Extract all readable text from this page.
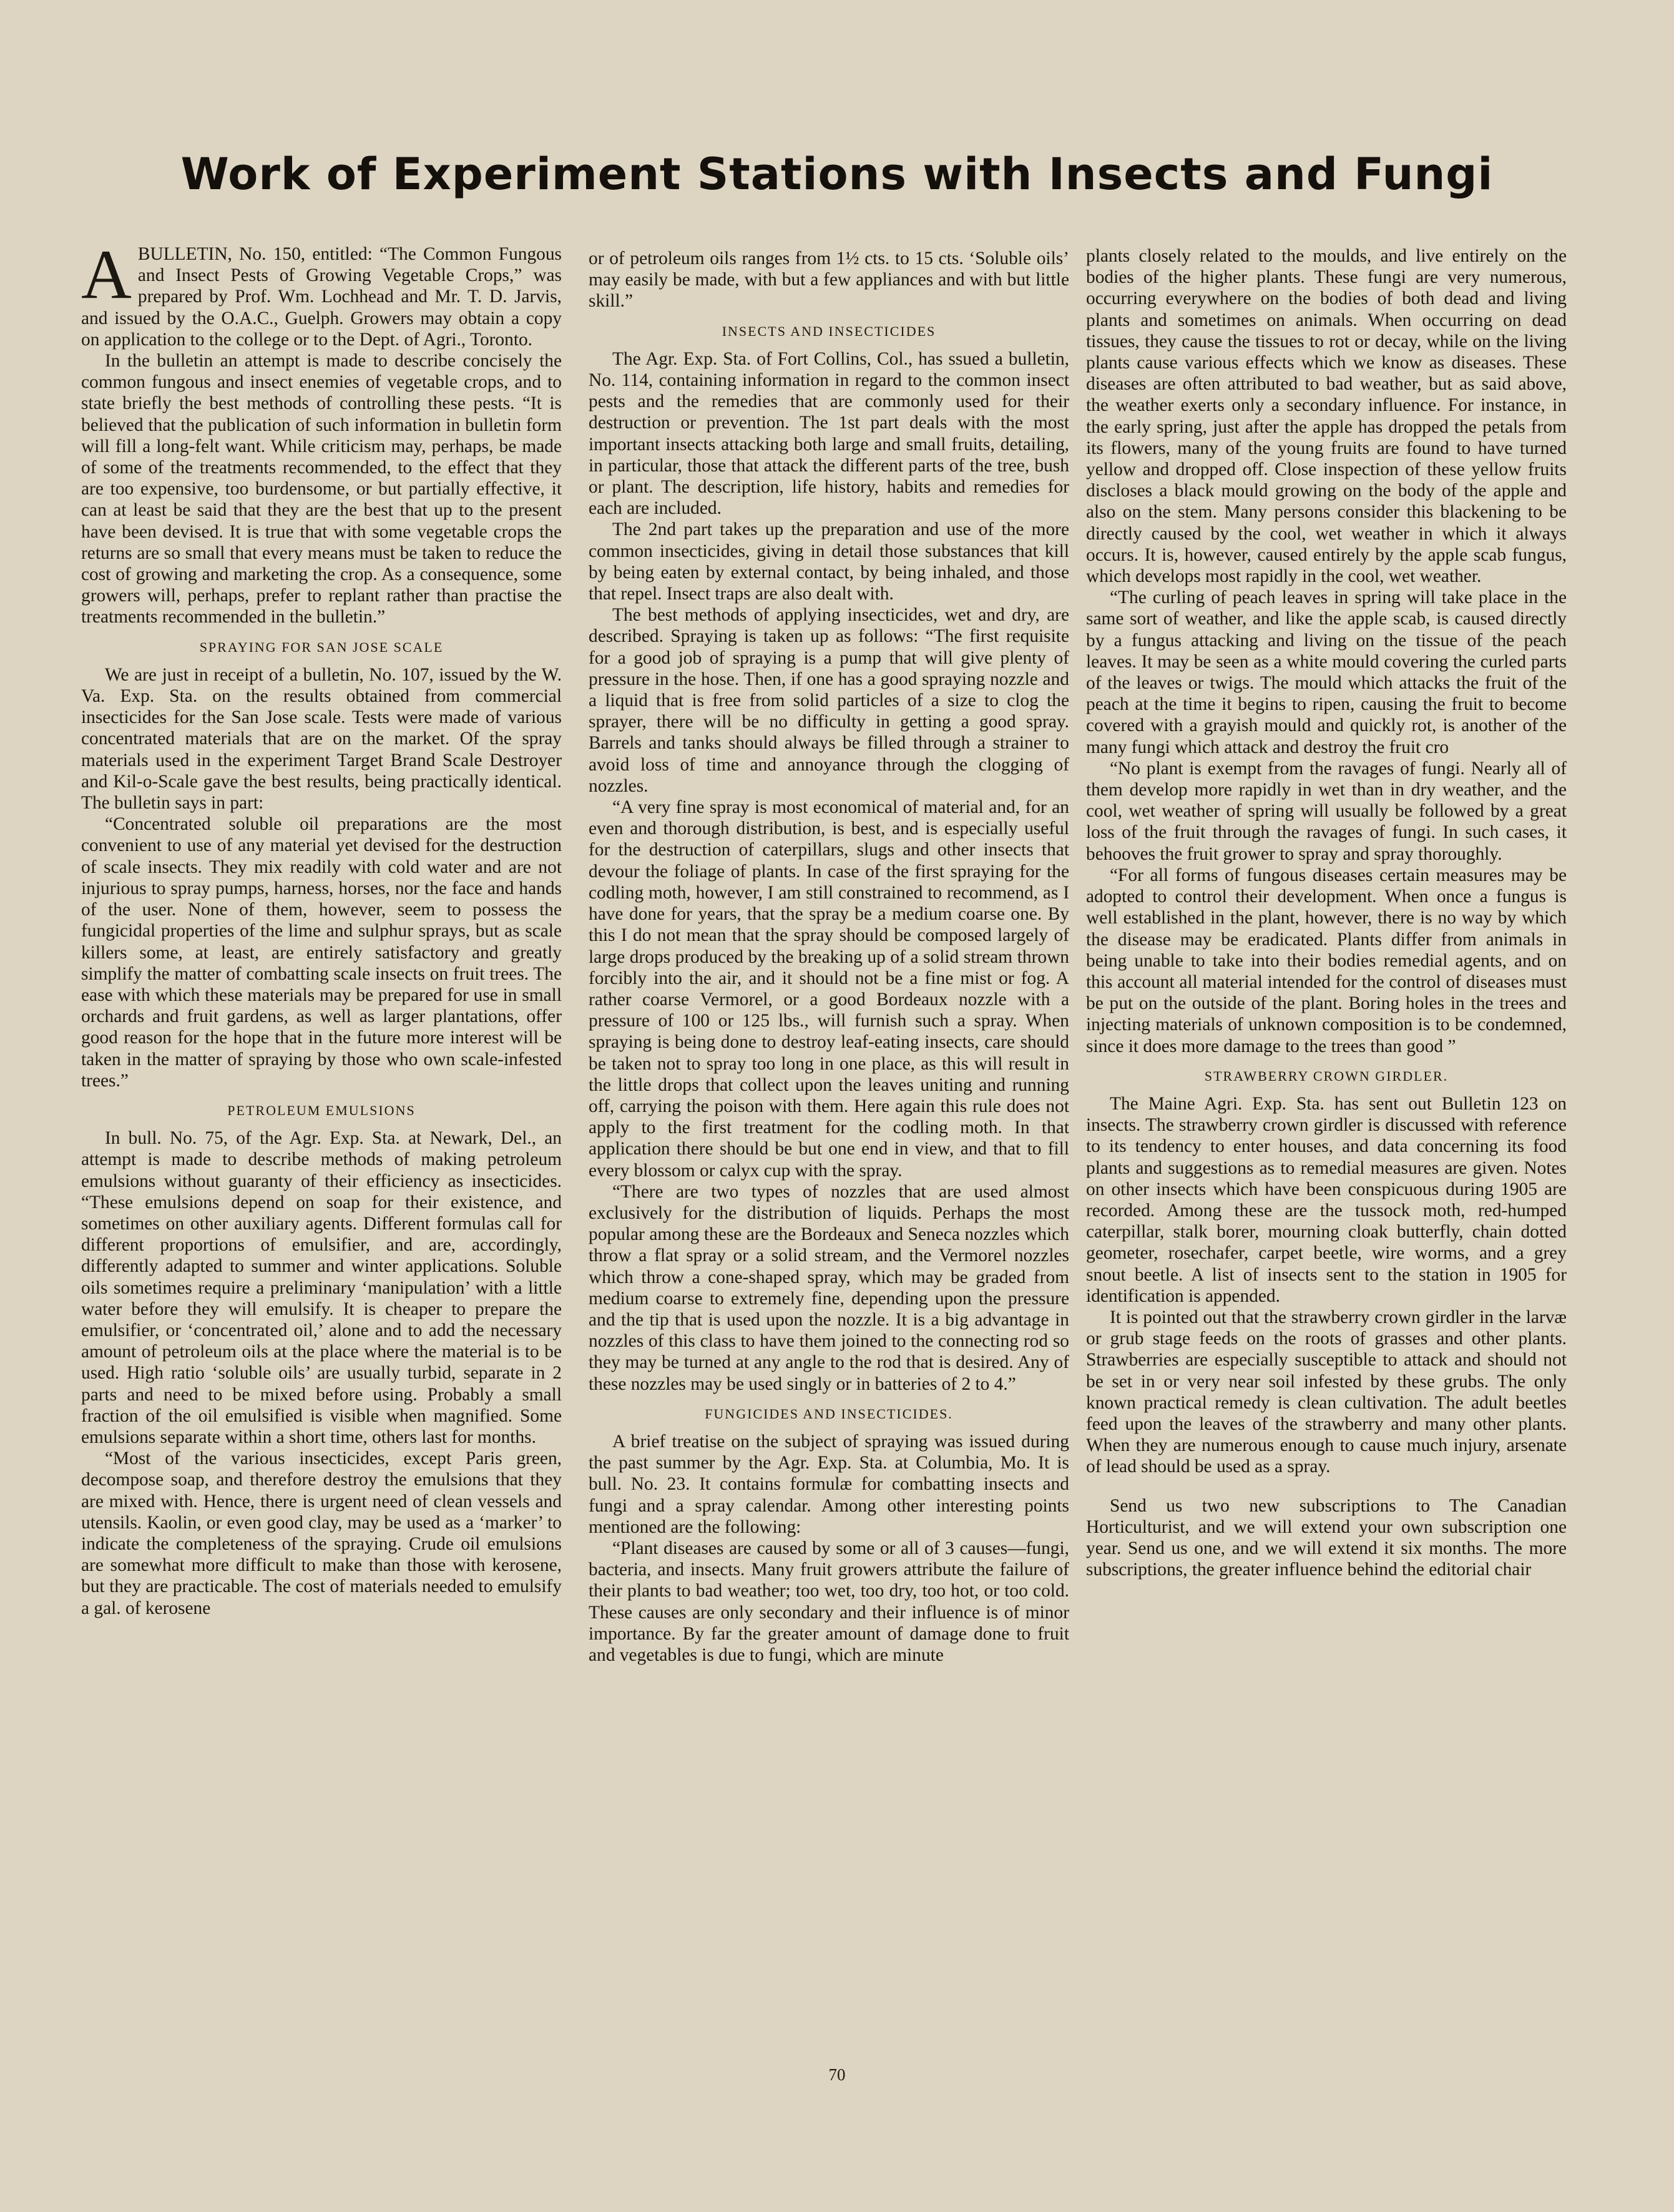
Work of Experiment Stations with Insects and Fungi

ABULLETIN, No. 150, entitled: “The Common Fungous and Insect Pests of Growing Vegetable Crops,” was prepared by Prof. Wm. Lochhead and Mr. T. D. Jarvis, and issued by the O.A.C., Guelph. Growers may obtain a copy on application to the college or to the Dept. of Agri., Toronto.

In the bulletin an attempt is made to describe concisely the common fungous and insect enemies of vegetable crops, and to state briefly the best methods of controlling these pests. “It is believed that the publication of such information in bulletin form will fill a long-felt want. While criticism may, perhaps, be made of some of the treatments recommended, to the effect that they are too expensive, too burdensome, or but partially effective, it can at least be said that they are the best that up to the present have been devised. It is true that with some vegetable crops the returns are so small that every means must be taken to reduce the cost of growing and marketing the crop. As a consequence, some growers will, perhaps, prefer to replant rather than practise the treatments recommended in the bulletin.”

SPRAYING FOR SAN JOSE SCALE

We are just in receipt of a bulletin, No. 107, issued by the W. Va. Exp. Sta. on the results obtained from commercial insecticides for the San Jose scale. Tests were made of various concentrated materials that are on the market. Of the spray materials used in the experiment Target Brand Scale Destroyer and Kil-o-Scale gave the best results, being practically identical. The bulletin says in part:

“Concentrated soluble oil preparations are the most convenient to use of any material yet devised for the destruction of scale insects. They mix readily with cold water and are not injurious to spray pumps, harness, horses, nor the face and hands of the user. None of them, however, seem to possess the fungicidal properties of the lime and sulphur sprays, but as scale killers some, at least, are entirely satisfactory and greatly simplify the matter of combatting scale insects on fruit trees. The ease with which these materials may be prepared for use in small orchards and fruit gardens, as well as larger plantations, offer good reason for the hope that in the future more interest will be taken in the matter of spraying by those who own scale-infested trees.”

PETROLEUM EMULSIONS

In bull. No. 75, of the Agr. Exp. Sta. at Newark, Del., an attempt is made to describe methods of making petroleum emulsions without guaranty of their efficiency as insecticides. “These emulsions depend on soap for their existence, and sometimes on other auxiliary agents. Different formulas call for different proportions of emulsifier, and are, accordingly, differently adapted to summer and winter applications. Soluble oils sometimes require a preliminary ‘manipulation’ with a little water before they will emulsify. It is cheaper to prepare the emulsifier, or ‘concentrated oil,’ alone and to add the necessary amount of petroleum oils at the place where the material is to be used. High ratio ‘soluble oils’ are usually turbid, separate in 2 parts and need to be mixed before using. Probably a small fraction of the oil emulsified is visible when magnified. Some emulsions separate within a short time, others last for months.

“Most of the various insecticides, except Paris green, decompose soap, and therefore destroy the emulsions that they are mixed with. Hence, there is urgent need of clean vessels and utensils. Kaolin, or even good clay, may be used as a ‘marker’ to indicate the completeness of the spraying. Crude oil emulsions are somewhat more difficult to make than those with kerosene, but they are practicable. The cost of materials needed to emulsify a gal. of kerosene

or of petroleum oils ranges from 1½ cts. to 15 cts. ‘Soluble oils’ may easily be made, with but a few appliances and with but little skill.”

INSECTS AND INSECTICIDES

The Agr. Exp. Sta. of Fort Collins, Col., has ssued a bulletin, No. 114, containing information in regard to the common insect pests and the remedies that are commonly used for their destruction or prevention. The 1st part deals with the most important insects attacking both large and small fruits, detailing, in particular, those that attack the different parts of the tree, bush or plant. The description, life history, habits and remedies for each are included.

The 2nd part takes up the preparation and use of the more common insecticides, giving in detail those substances that kill by being eaten by external contact, by being inhaled, and those that repel. Insect traps are also dealt with.

The best methods of applying insecticides, wet and dry, are described. Spraying is taken up as follows: “The first requisite for a good job of spraying is a pump that will give plenty of pressure in the hose. Then, if one has a good spraying nozzle and a liquid that is free from solid particles of a size to clog the sprayer, there will be no difficulty in getting a good spray. Barrels and tanks should always be filled through a strainer to avoid loss of time and annoyance through the clogging of nozzles.

“A very fine spray is most economical of material and, for an even and thorough distribution, is best, and is especially useful for the destruction of caterpillars, slugs and other insects that devour the foliage of plants. In case of the first spraying for the codling moth, however, I am still constrained to recommend, as I have done for years, that the spray be a medium coarse one. By this I do not mean that the spray should be composed largely of large drops produced by the breaking up of a solid stream thrown forcibly into the air, and it should not be a fine mist or fog. A rather coarse Vermorel, or a good Bordeaux nozzle with a pressure of 100 or 125 lbs., will furnish such a spray. When spraying is being done to destroy leaf-eating insects, care should be taken not to spray too long in one place, as this will result in the little drops that collect upon the leaves uniting and running off, carrying the poison with them. Here again this rule does not apply to the first treatment for the codling moth. In that application there should be but one end in view, and that to fill every blossom or calyx cup with the spray.

“There are two types of nozzles that are used almost exclusively for the distribution of liquids. Perhaps the most popular among these are the Bordeaux and Seneca nozzles which throw a flat spray or a solid stream, and the Vermorel nozzles which throw a cone-shaped spray, which may be graded from medium coarse to extremely fine, depending upon the pressure and the tip that is used upon the nozzle. It is a big advantage in nozzles of this class to have them joined to the connecting rod so they may be turned at any angle to the rod that is desired. Any of these nozzles may be used singly or in batteries of 2 to 4.”

FUNGICIDES AND INSECTICIDES.

A brief treatise on the subject of spraying was issued during the past summer by the Agr. Exp. Sta. at Columbia, Mo. It is bull. No. 23. It contains formulæ for combatting insects and fungi and a spray calendar. Among other interesting points mentioned are the following:

“Plant diseases are caused by some or all of 3 causes—fungi, bacteria, and insects. Many fruit growers attribute the failure of their plants to bad weather; too wet, too dry, too hot, or too cold. These causes are only secondary and their influence is of minor importance. By far the greater amount of damage done to fruit and vegetables is due to fungi, which are minute

plants closely related to the moulds, and live entirely on the bodies of the higher plants. These fungi are very numerous, occurring everywhere on the bodies of both dead and living plants and sometimes on animals. When occurring on dead tissues, they cause the tissues to rot or decay, while on the living plants cause various effects which we know as diseases. These diseases are often attributed to bad weather, but as said above, the weather exerts only a secondary influence. For instance, in the early spring, just after the apple has dropped the petals from its flowers, many of the young fruits are found to have turned yellow and dropped off. Close inspection of these yellow fruits discloses a black mould growing on the body of the apple and also on the stem. Many persons consider this blackening to be directly caused by the cool, wet weather in which it always occurs. It is, however, caused entirely by the apple scab fungus, which develops most rapidly in the cool, wet weather.

“The curling of peach leaves in spring will take place in the same sort of weather, and like the apple scab, is caused directly by a fungus attacking and living on the tissue of the peach leaves. It may be seen as a white mould covering the curled parts of the leaves or twigs. The mould which attacks the fruit of the peach at the time it begins to ripen, causing the fruit to become covered with a grayish mould and quickly rot, is another of the many fungi which attack and destroy the fruit cro

“No plant is exempt from the ravages of fungi. Nearly all of them develop more rapidly in wet than in dry weather, and the cool, wet weather of spring will usually be followed by a great loss of the fruit through the ravages of fungi. In such cases, it behooves the fruit grower to spray and spray thoroughly.

“For all forms of fungous diseases certain measures may be adopted to control their development. When once a fungus is well established in the plant, however, there is no way by which the disease may be eradicated. Plants differ from animals in being unable to take into their bodies remedial agents, and on this account all material intended for the control of diseases must be put on the outside of the plant. Boring holes in the trees and injecting materials of unknown composition is to be condemned, since it does more damage to the trees than good ”

STRAWBERRY CROWN GIRDLER.

The Maine Agri. Exp. Sta. has sent out Bulletin 123 on insects. The strawberry crown girdler is discussed with reference to its tendency to enter houses, and data concerning its food plants and suggestions as to remedial measures are given. Notes on other insects which have been conspicuous during 1905 are recorded. Among these are the tussock moth, red-humped caterpillar, stalk borer, mourning cloak butterfly, chain dotted geometer, rosechafer, carpet beetle, wire worms, and a grey snout beetle. A list of insects sent to the station in 1905 for identification is appended.

It is pointed out that the strawberry crown girdler in the larvæ or grub stage feeds on the roots of grasses and other plants. Strawberries are especially susceptible to attack and should not be set in or very near soil infested by these grubs. The only known practical remedy is clean cultivation. The adult beetles feed upon the leaves of the strawberry and many other plants. When they are numerous enough to cause much injury, arsenate of lead should be used as a spray.

Send us two new subscriptions to The Canadian Horticulturist, and we will extend your own subscription one year. Send us one, and we will extend it six months. The more subscriptions, the greater influence behind the editorial chair

70
